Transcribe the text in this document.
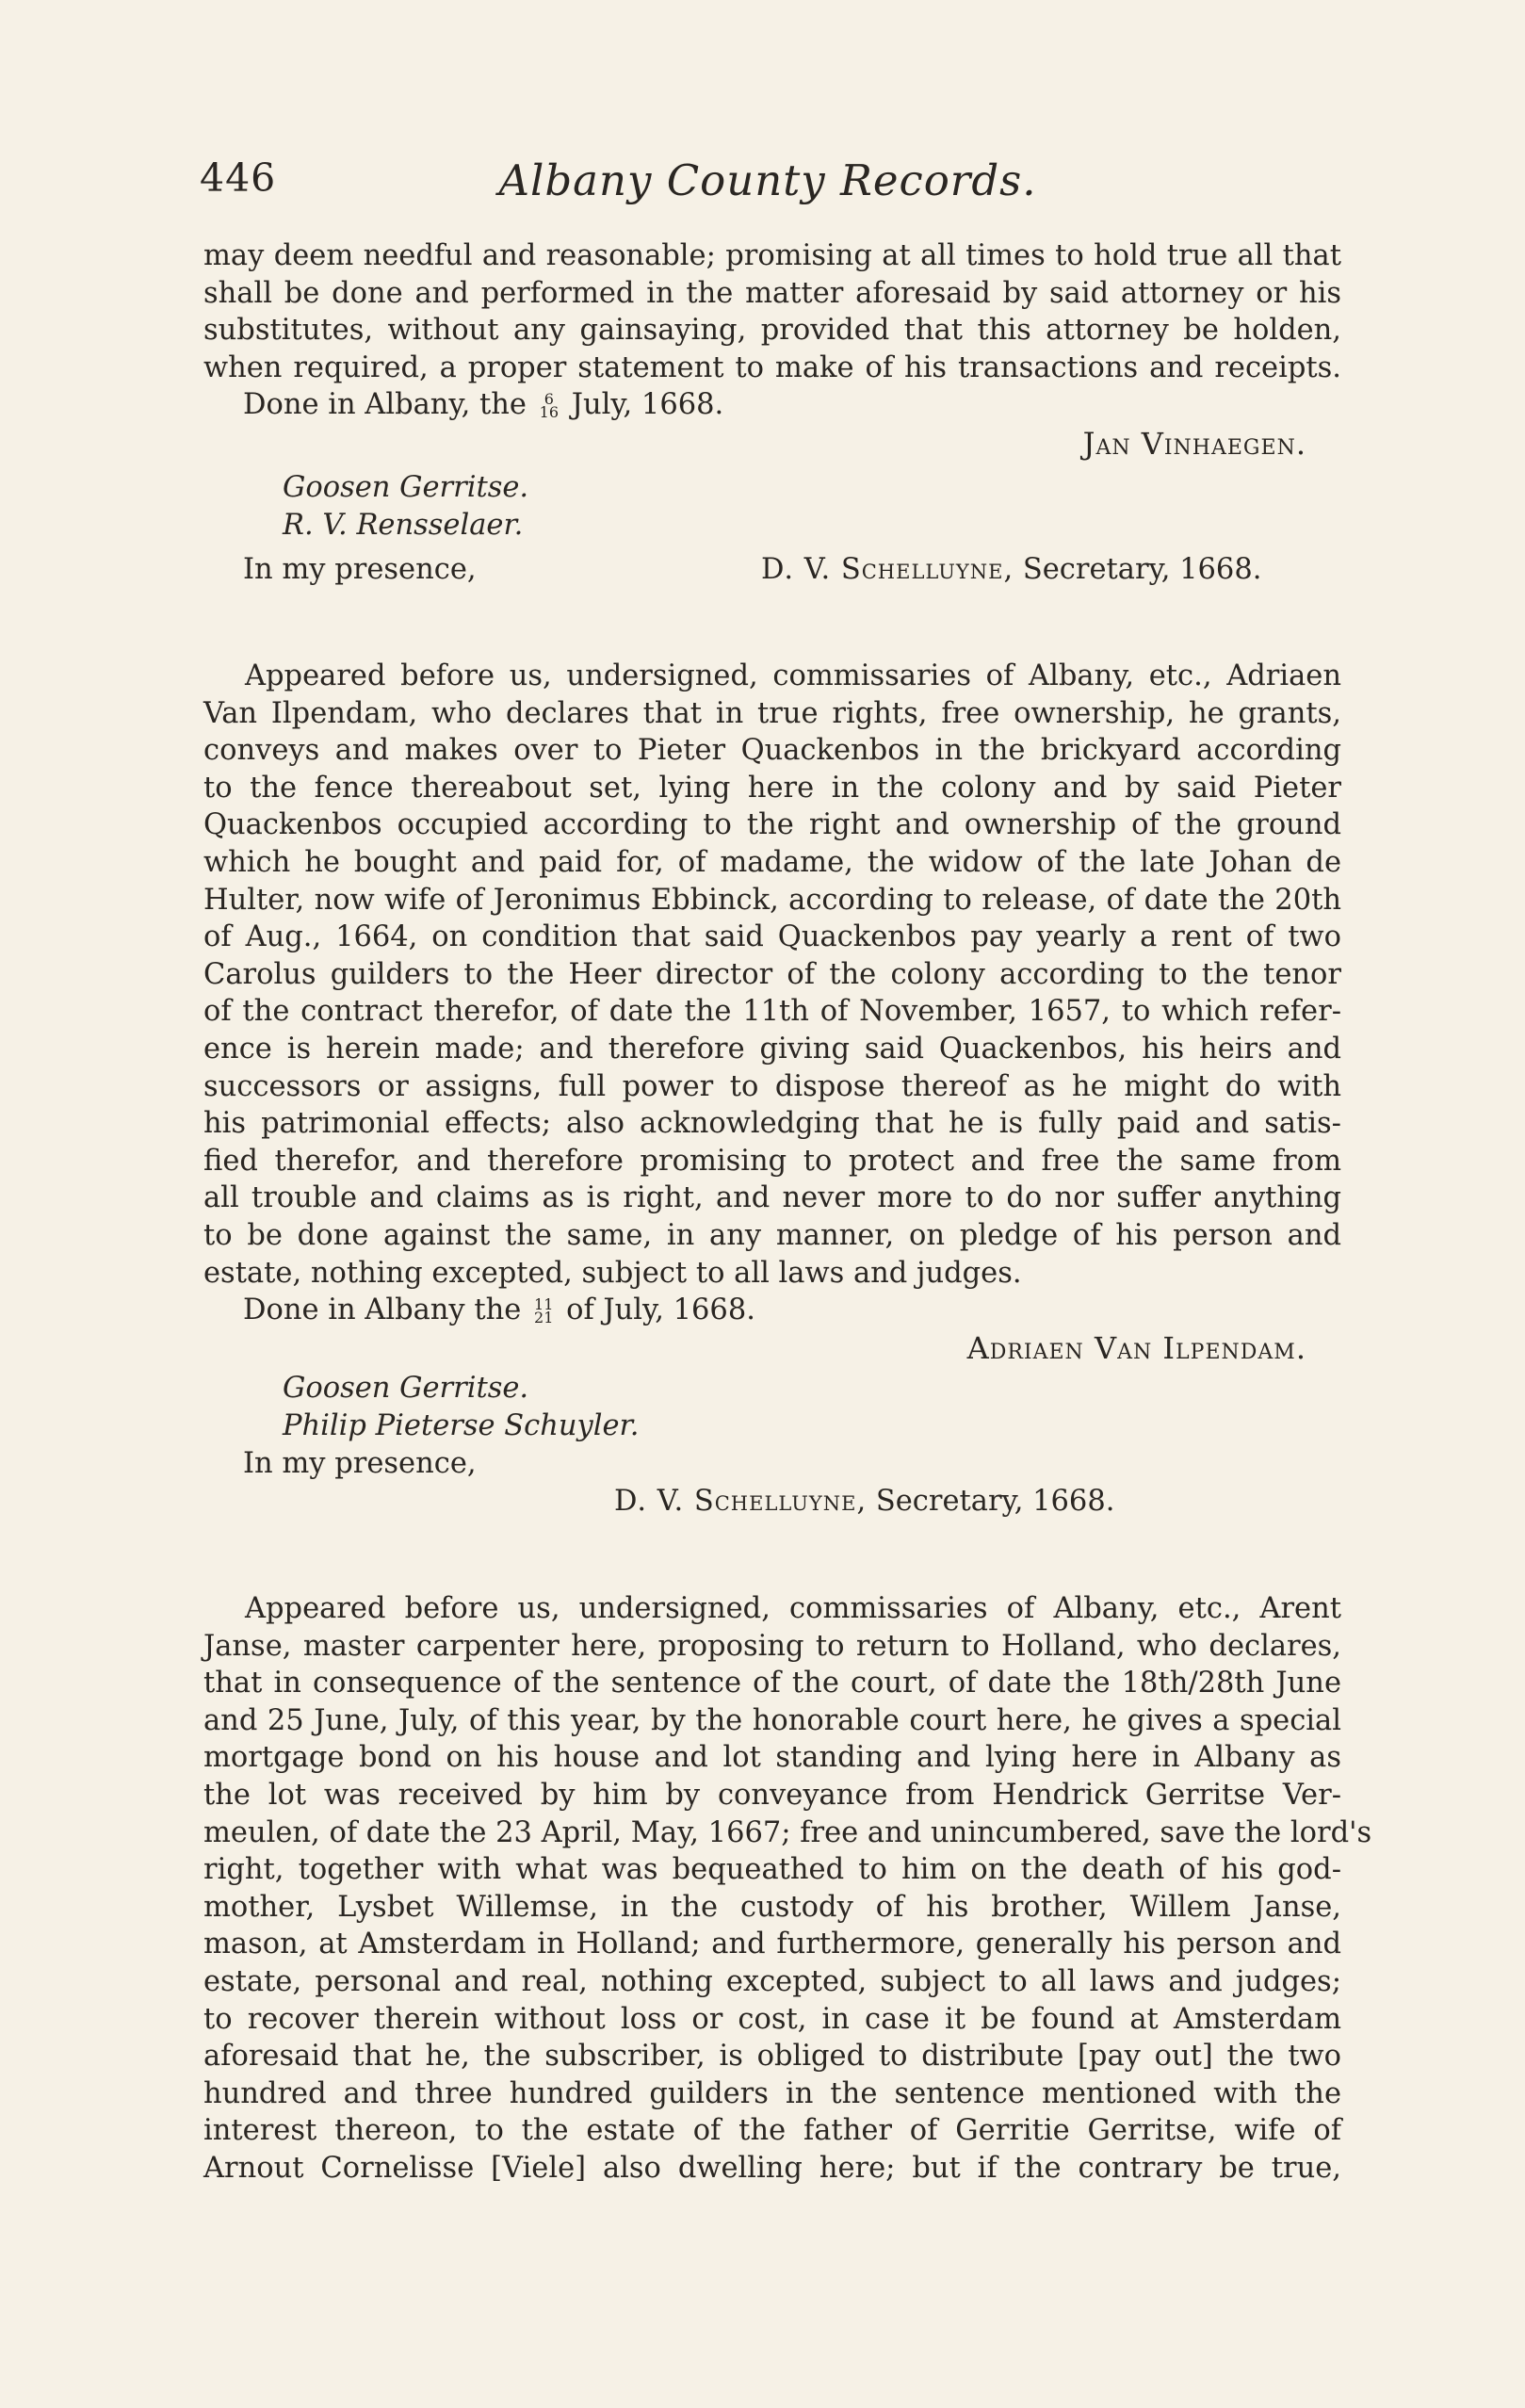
446	Albany County Records.
may deem needful and reasonable; promising at all times to hold true all that
shall be done and performed in the matter aforesaid by said attorney or his
substitutes, without any gainsaying, provided that this attorney be holden,
when required, a proper statement to make of his transactions and receipts.
Done in Albany, the	6
16 July, 1668.
Jan Vinhaegen.
Goosen Gerritse.
R. V. Rensselaer.
In my presence,	D. V. Schelluyne, Secretary, 1668.
Appeared before us, undersigned, commissaries of Albany, etc., Adriaen
Van Ilpendam, who declares that in true rights, free ownership, he grants,
conveys and makes over to Pieter Quackenbos in the brickyard according
to the fence thereabout set, lying here in the colony and by said Pieter
Quackenbos occupied according to the right and ownership of the ground
which he bought and paid for, of madame, the widow of the late Johan de
Hulter, now wife of Jeronimus Ebbinck, according to release, of date the 20th
of Aug., 1664, on condition that said Quackenbos pay yearly a rent of two
Carolus guilders to the Heer director of the colony according to the tenor
of the contract therefor, of date the 11th of November, 1657, to which refer-
ence is herein made; and therefore giving said Quackenbos, his heirs and
successors or assigns, full power to dispose thereof as he might do with
his patrimonial effects; also acknowledging that he is fully paid and satis-
fied therefor, and therefore promising to protect and free the same from
all trouble and claims as is right, and never more to do nor suffer anything
to be done against the same, in any manner, on pledge of his person and
estate, nothing excepted, subject to all laws and judges.
Done in Albany the 11
21 of July, 1668.
Adriaen Van Ilpendam.
Goosen Gerritse.
Philip Pieterse Schuyler.
In my presence,
D. V. Schelluyne, Secretary, 1668.
Appeared before us, undersigned, commissaries of Albany, etc., Arent
Janse, master carpenter here, proposing to return to Holland, who declares,
that in consequence of the sentence of the court, of date the 18th/28th June
and 25 June, July, of this year, by the honorable court here, he gives a special
mortgage bond on his house and lot standing and lying here in Albany as
the lot was received by him by conveyance from Hendrick Gerritse Ver-
meulen, of date the 23 April, May, 1667; free and unincumbered, save the lord's
right, together with what was bequeathed to him on the death of his god-
mother, Lysbet Willemse, in the custody of his brother, Willem Janse,
mason, at Amsterdam in Holland; and furthermore, generally his person and
estate, personal and real, nothing excepted, subject to all laws and judges;
to recover therein without loss or cost, in case it be found at Amsterdam
aforesaid that he, the subscriber, is obliged to distribute [pay out] the two
hundred and three hundred guilders in the sentence mentioned with the
interest thereon, to the estate of the father of Gerritie Gerritse, wife of
Arnout Cornelisse [Viele] also dwelling here; but if the contrary be true,
